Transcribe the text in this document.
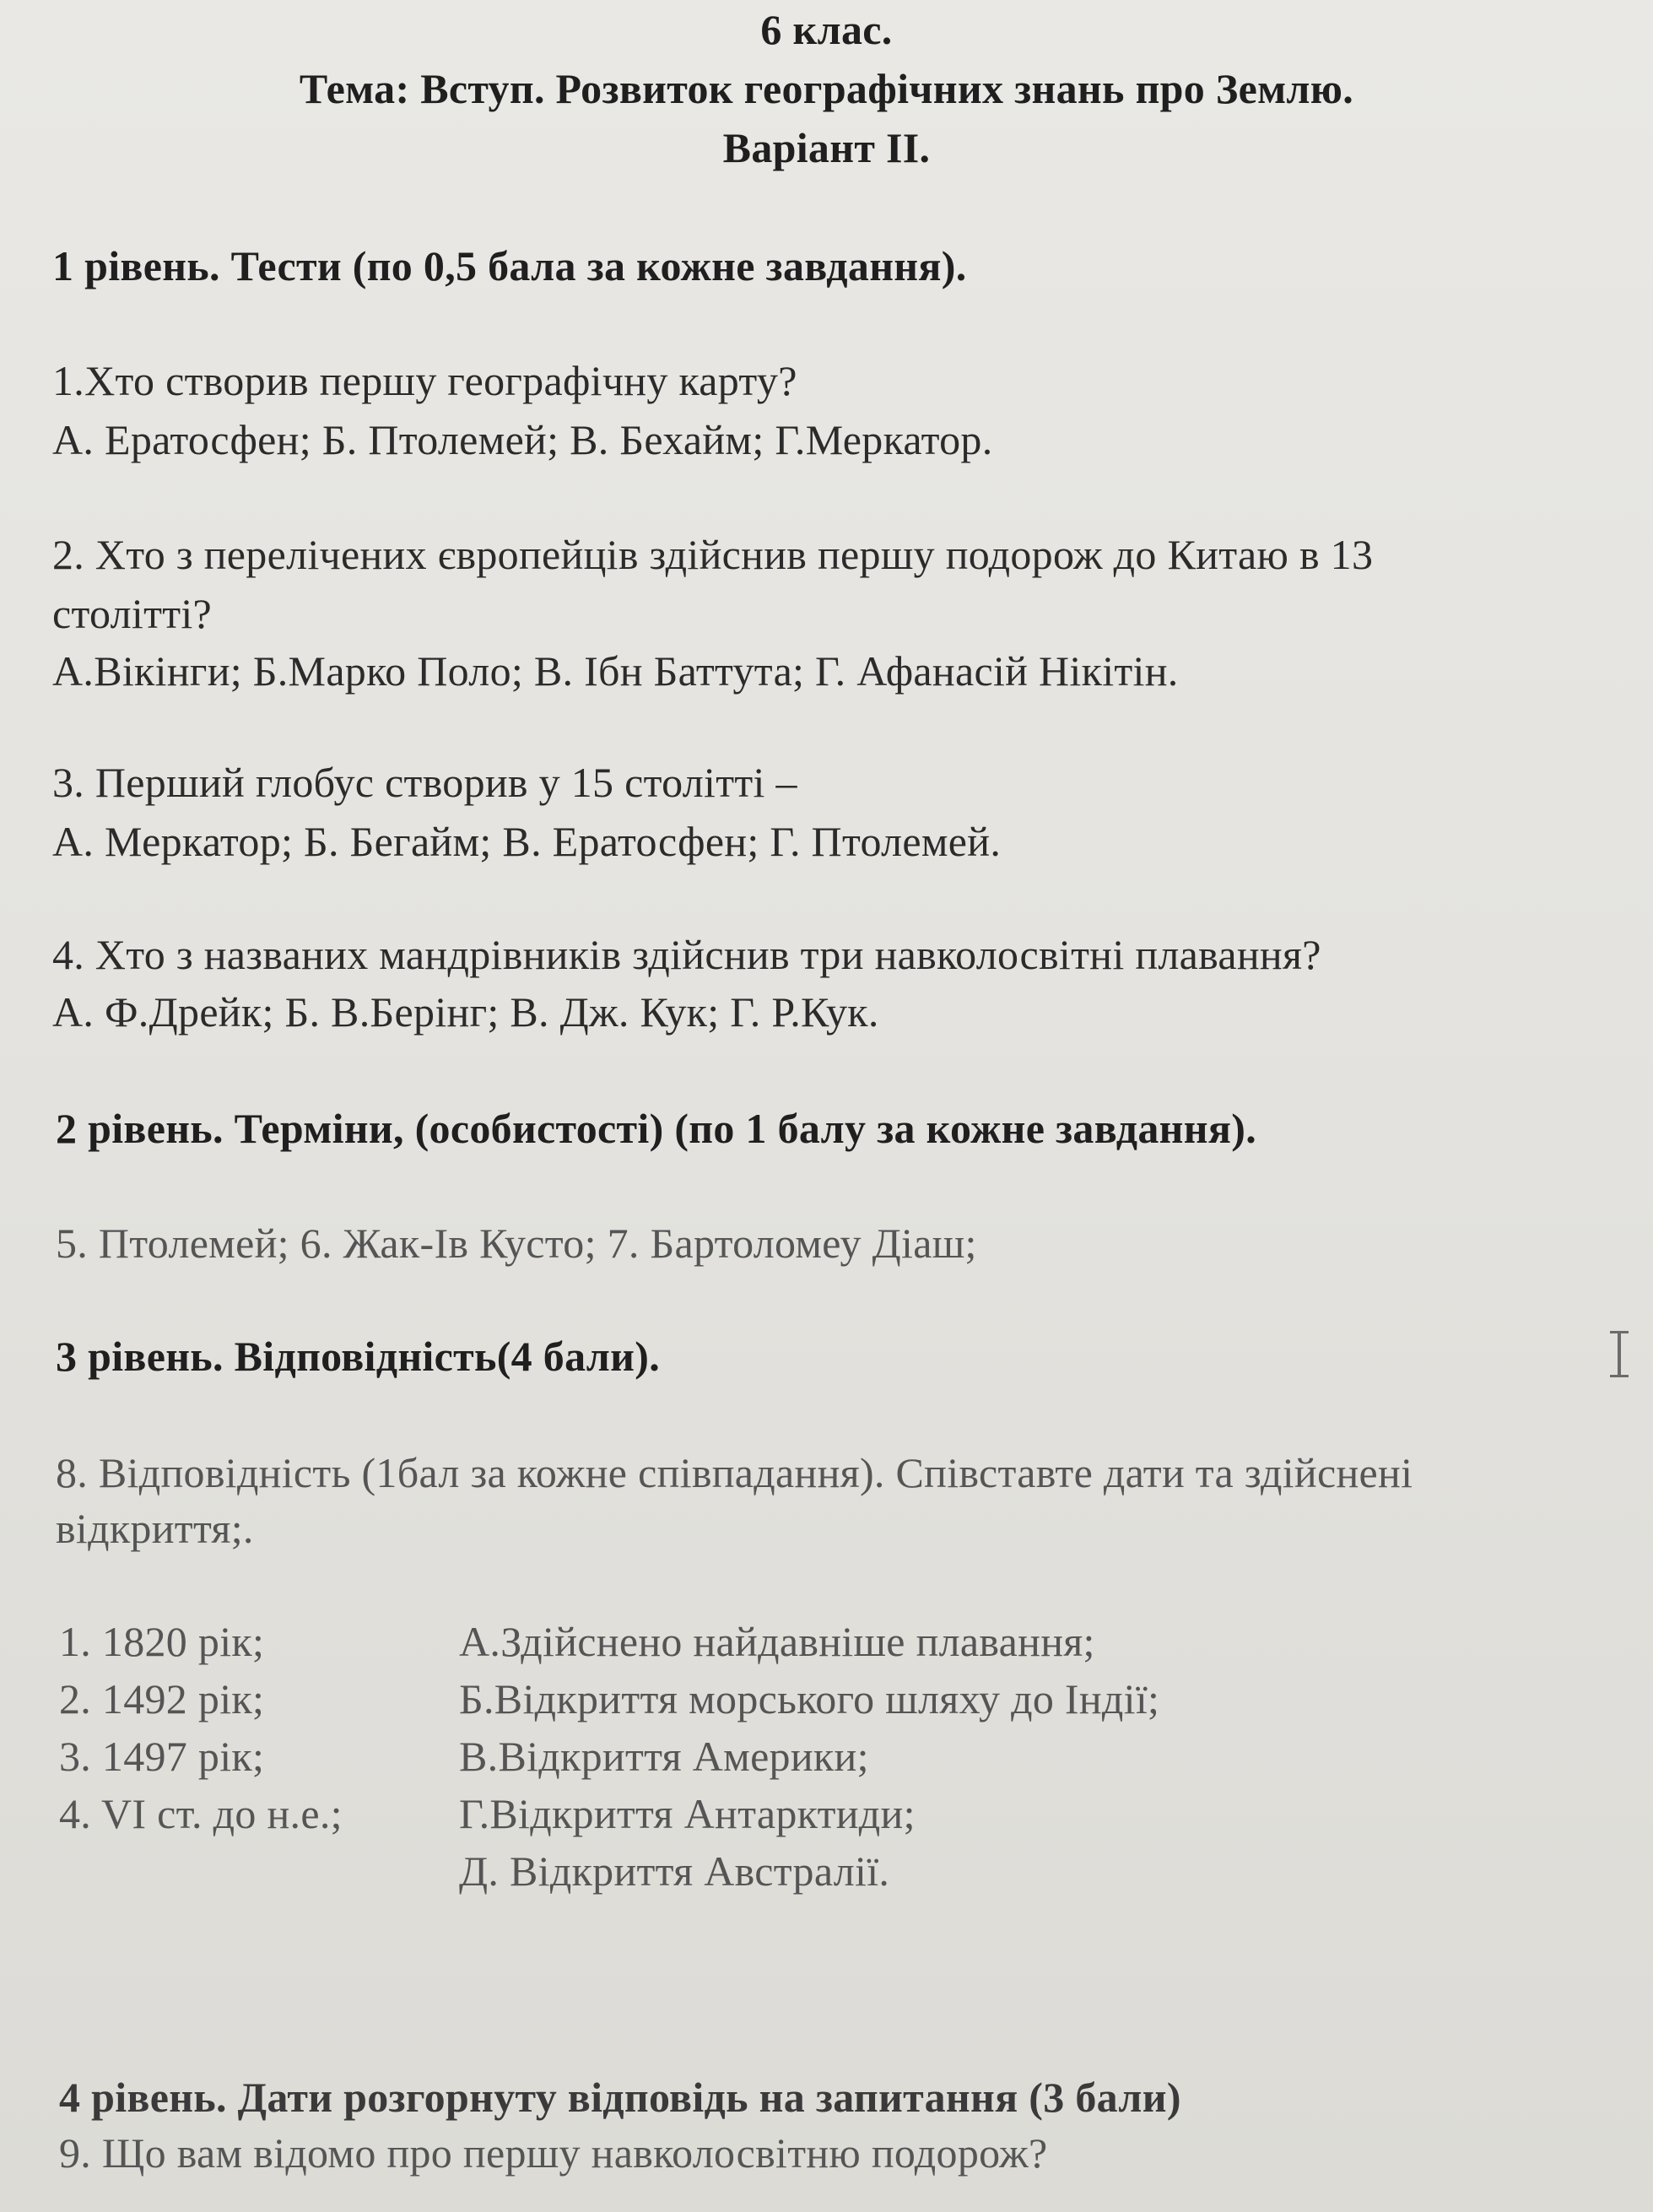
6 клас.
Тема: Вступ. Розвиток географічних знань про Землю.
Варіант ІІ.
1 рівень. Тести (по 0,5 бала за кожне завдання).
1.Хто створив першу географічну карту?
А. Ератосфен; Б. Птолемей; В. Бехайм; Г.Меркатор.
2. Хто з перелічених європейців здійснив першу подорож до Китаю в 13
столітті?
А.Вікінги; Б.Марко Поло; В. Ібн Баттута; Г. Афанасій Нікітін.
3. Перший глобус створив у 15 столітті –
А. Меркатор; Б. Бегайм; В. Ератосфен; Г. Птолемей.
4. Хто з названих мандрівників здійснив три навколосвітні плавання?
А. Ф.Дрейк; Б. В.Берінг; В. Дж. Кук; Г. Р.Кук.
2 рівень. Терміни, (особистості) (по 1 балу за кожне завдання).
5. Птолемей; 6. Жак-Ів Кусто; 7. Бартоломеу Діаш;
3 рівень. Відповідність(4 бали).
8. Відповідність (1бал за кожне співпадання). Співставте дати та здійснені
відкриття;.
1. 1820 рік;
2. 1492 рік;
3. 1497 рік;
4. VI ст. до н.е.;
А.Здійснено найдавніше плавання;
Б.Відкриття морського шляху до Індії;
В.Відкриття Америки;
Г.Відкриття Антарктиди;
Д. Відкриття Австралії.
4 рівень. Дати розгорнуту відповідь на запитання (3 бали)
9. Що вам відомо про першу навколосвітню подорож?
